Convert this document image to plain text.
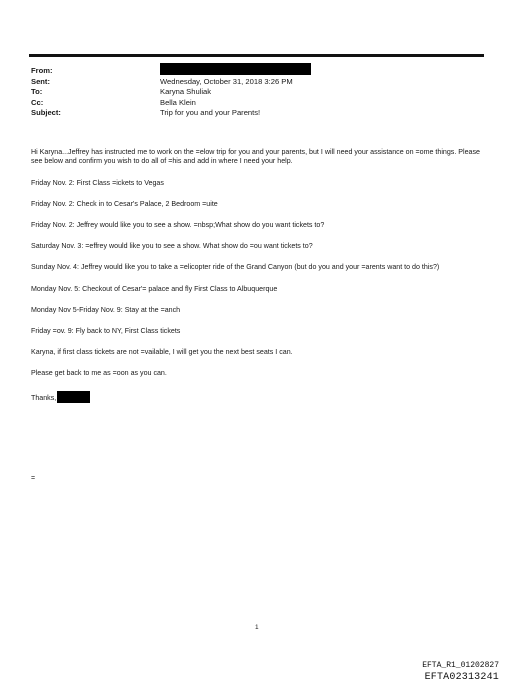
From:
Sent:	Wednesday, October 31, 2018 3:26 PM
To:	Karyna Shuliak
Cc:	Bella Klein
Subject:	Trip for you and your Parents!

Hi Karyna...Jeffrey has instructed me to work on the =elow trip for you and your parents, but I will need your assistance on =ome things. Please see below and confirm you wish to do all of =his and add in where I need your help.

Friday Nov. 2: First Class =ickets to Vegas

Friday Nov. 2: Check in to Cesar's Palace, 2 Bedroom =uite

Friday Nov. 2: Jeffrey would like you to see a show. =nbsp;What show do you want tickets to?

Saturday Nov. 3: =effrey would like you to see a show. What show do =ou want tickets to?

Sunday Nov. 4: Jeffrey would like you to take a =elicopter ride of the Grand Canyon (but do you and your =arents want to do this?)

Monday Nov. 5: Checkout of Cesar'= palace and fly First Class to Albuquerque

Monday Nov 5-Friday Nov. 9: Stay at the =anch

Friday =ov. 9: Fly back to NY, First Class tickets

Karyna, if first class tickets are not =vailable, I will get you the next best seats I can.

Please get back to me as =oon as you can.

Thanks,

=
1
EFTA_R1_01202827
EFTA02313241
